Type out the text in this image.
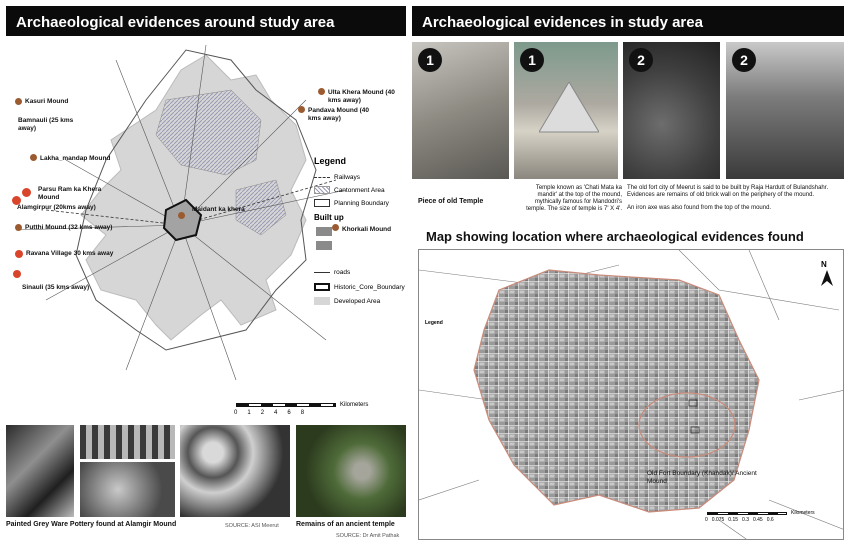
Archaeological evidences around study area	Archaeological evidences in study area
Kasuri Mound
Bamnauli (25 kms away)
Lakha_mandap Mound
Parsu Ram ka Khera Mound
Alamgirpur (20kms away)
Putthi Mound (32 kms away)
Ravana Village 30 kms away
Sinauli (35 kms away)
Ulta Khera Mound (40 kms away)
Pandava Mound (40 kms away)
Maidant ka khera
Khorkali Mound
Legend
Railways
Cantonment Area
Planning Boundary
Built up
roads
Historic_Core_Boundary
Developed Area
0 1 2 4 6 8
Kilometers
Painted Grey Ware Pottery found at Alamgir Mound	SOURCE: ASI Meerut Remains of an ancient temple
SOURCE: Dr Amit Pathak
1	1	2	2
Piece of old Temple
Temple known as 'Chati Mata ka mandir' at the top of the mound, mythically famous for Mandodri's temple. The size of temple is 7' X 4'.
The old fort city of Meerut is said to be built by Raja Hardutt of Bulandshahr. Evidences are remains of old brick wall on the periphery of the mound.
An iron axe was also found from the top of the mound.
Map showing location where archaeological evidences found
Legend
N
Old Fort Boundary (Khandak)/ Ancient Mound
0 0.075 0.15 0.3 0.45 0.6
Kilometers
